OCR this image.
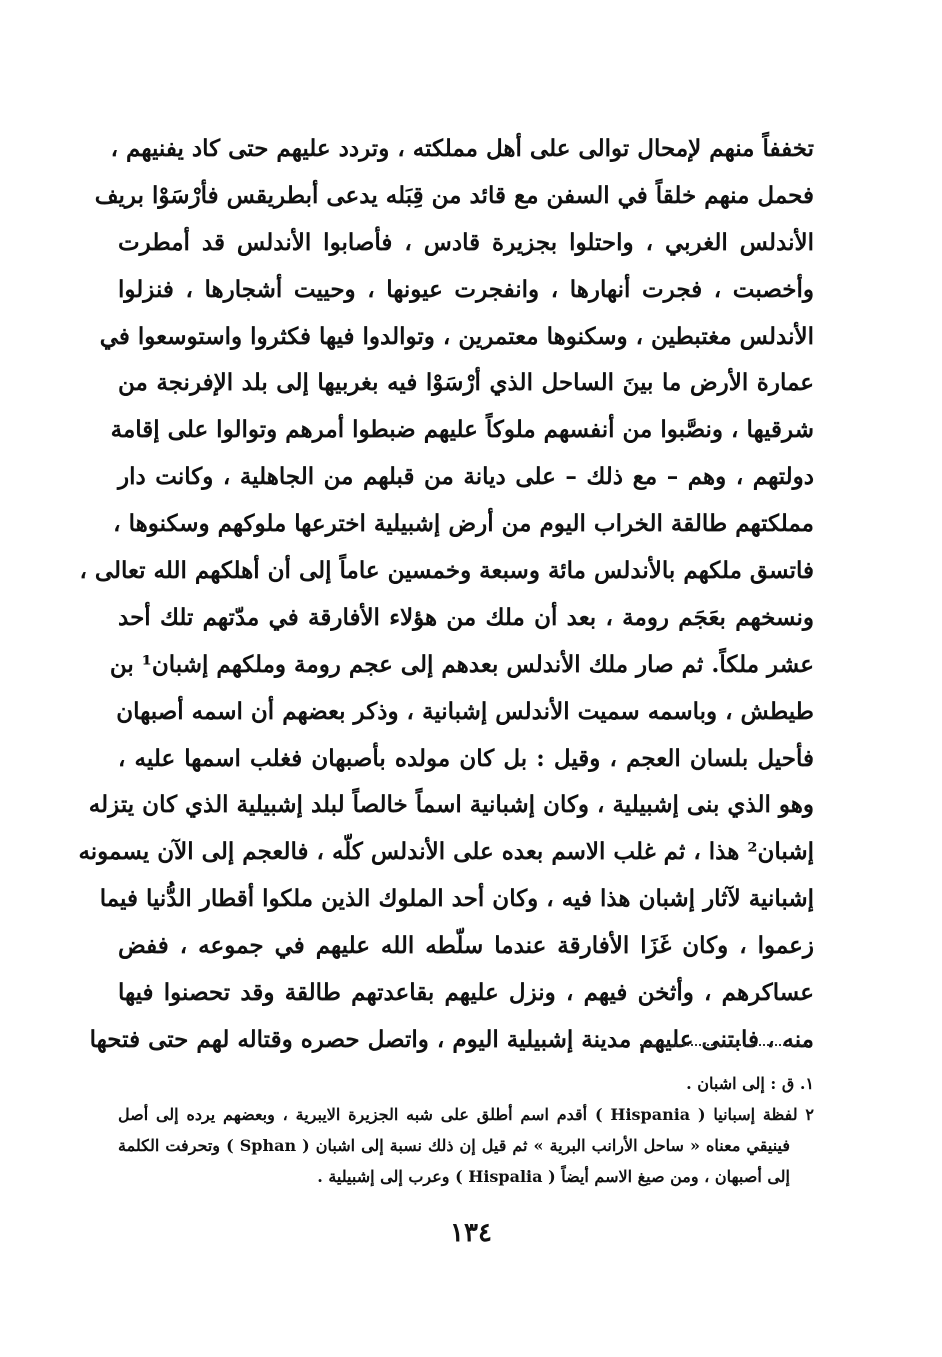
تخففاً منهم لإمحال توالى على أهل مملكته ، وتردد عليهم حتى كاد يفنيهم ،
فحمل منهم خلقاً في السفن مع قائد من قِبَله يدعى أبطريقس فأرْسَوْا بريف
الأندلس الغربي ، واحتلوا بجزيرة قادس ، فأصابوا الأندلس قد أمطرت
وأخصبت ، فجرت أنهارها ، وانفجرت عيونها ، وحييت أشجارها ، فنزلوا
الأندلس مغتبطين ، وسكنوها معتمرين ، وتوالدوا فيها فكثروا واستوسعوا في
عمارة الأرض ما بينَ الساحل الذي أرْسَوْا فيه بغربيها إلى بلد الإفرنجة من
شرقيها ، ونصَّبوا من أنفسهم ملوكاً عليهم ضبطوا أمرهم وتوالوا على إقامة
دولتهم ، وهم – مع ذلك – على ديانة من قبلهم من الجاهلية ، وكانت دار
مملكتهم طالقة الخراب اليوم من أرض إشبيلية اخترعها ملوكهم وسكنوها ،
فاتسق ملكهم بالأندلس مائة وسبعة وخمسين عاماً إلى أن أهلكهم الله تعالى ،
ونسخهم بعَجَم رومة ، بعد أن ملك من هؤلاء الأفارقة في مدّتهم تلك أحد
عشر ملكاً. ثم صار ملك الأندلس بعدهم إلى عجم رومة وملكهم إشبان¹ بن
طيطش ، وباسمه سميت الأندلس إشبانية ، وذكر بعضهم أن اسمه أصبهان
فأحيل بلسان العجم ، وقيل : بل كان مولده بأصبهان فغلب اسمها عليه ،
وهو الذي بنى إشبيلية ، وكان إشبانية اسماً خالصاً لبلد إشبيلية الذي كان يتزله
إشبان² هذا ، ثم غلب الاسم بعده على الأندلس كلّه ، فالعجم إلى الآن يسمونه
إشبانية لآثار إشبان هذا فيه ، وكان أحد الملوك الذين ملكوا أقطار الدُّنيا فيما
زعموا ، وكان غَزَا الأفارقة عندما سلّطه الله عليهم في جموعه ، ففض
عساكرهم ، وأثخن فيهم ، ونزل عليهم بقاعدتهم طالقة وقد تحصنوا فيها
منه ، فابتنى عليهم مدينة إشبيلية اليوم ، واتصل حصره وقتاله لهم حتى فتحها
١. ق : إلى اشبان .
٢ لفظة إسبانيا ( Hispania ) أقدم اسم أطلق على شبه الجزيرة الايبرية ، وبعضهم يرده إلى أصل
فينيقي معناه « ساحل الأرانب البرية » ثم قيل إن ذلك نسبة إلى اشبان ( Sphan ) وتحرفت الكلمة
إلى أصبهان ، ومن صيغ الاسم أيضاً ( Hispalia ) وعرب إلى إشبيلية .
١٣٤
